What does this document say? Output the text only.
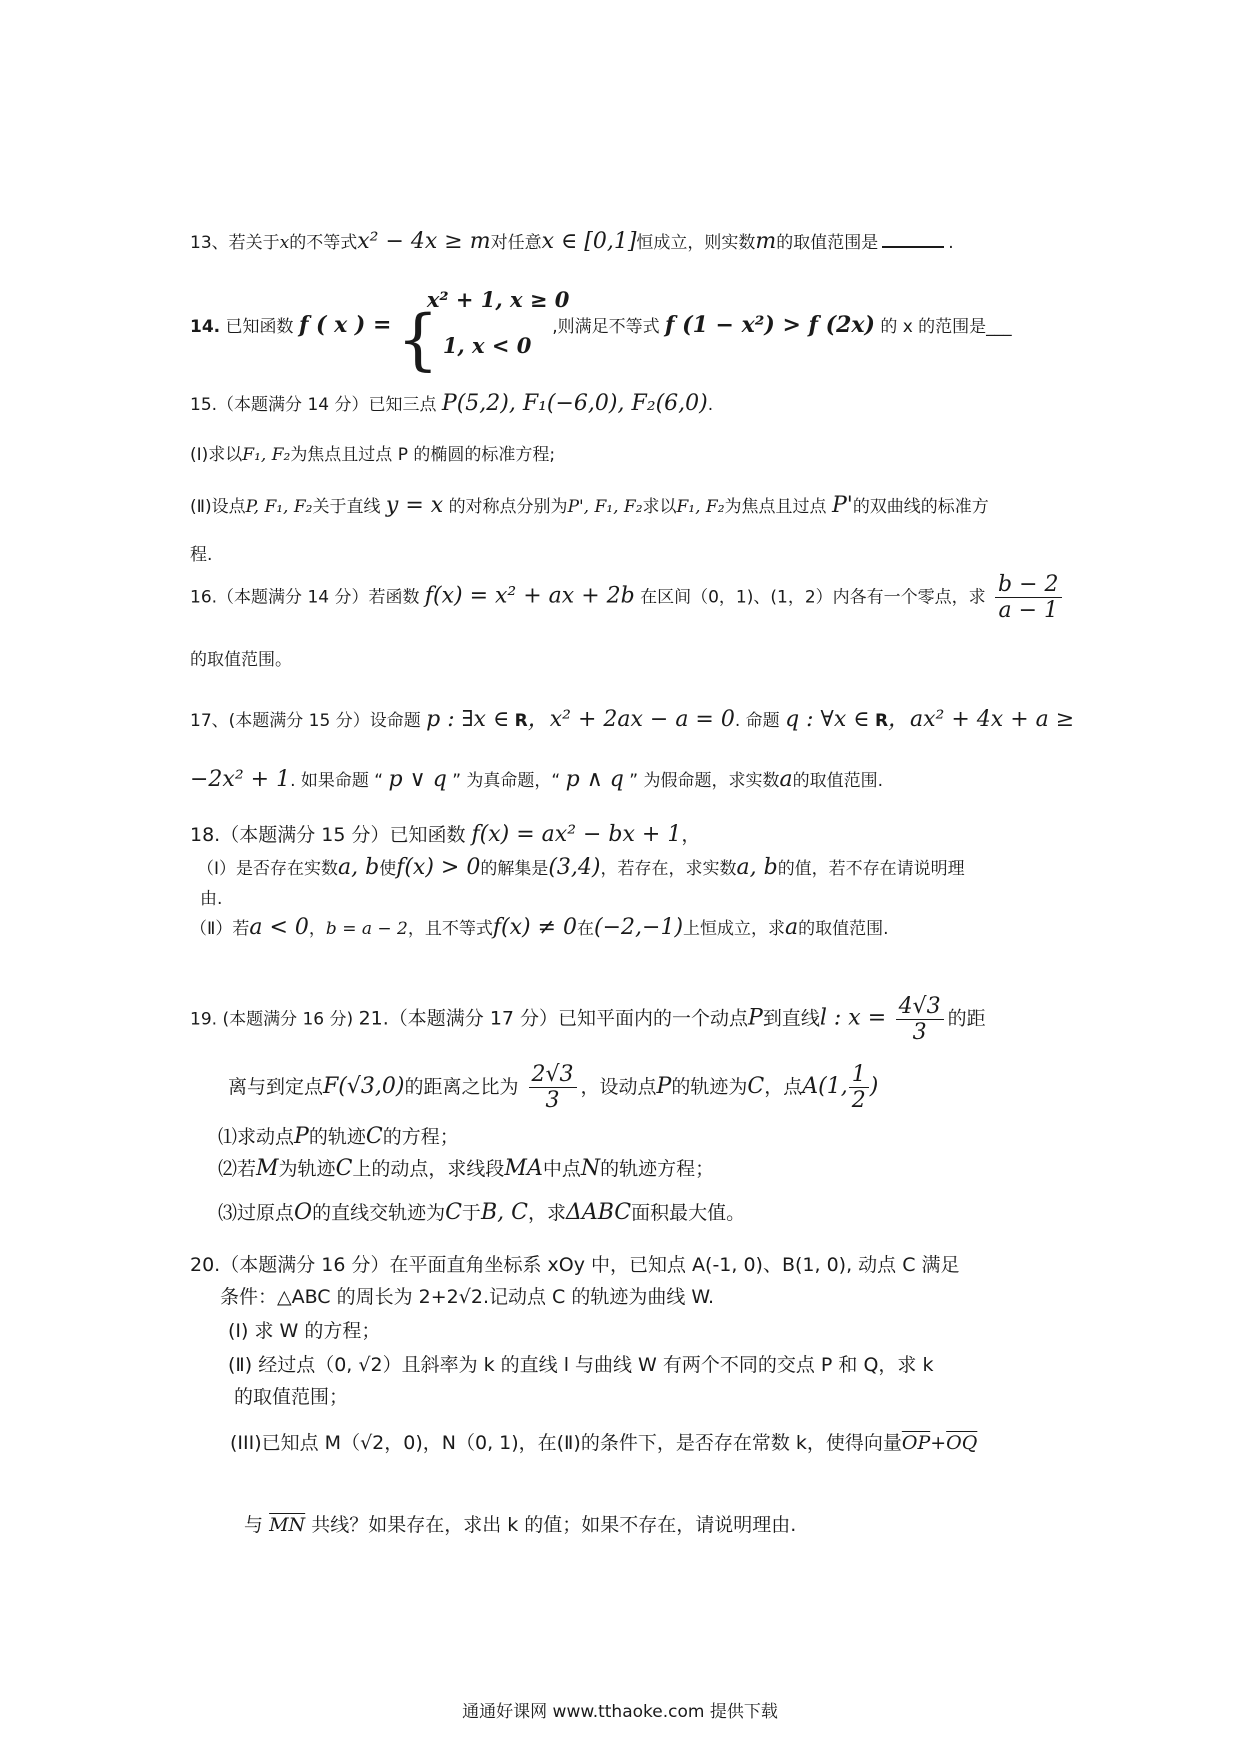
13、若关于x的不等式x² − 4x ≥ m对任意x ∈ [0,1]恒成立，则实数m的取值范围是	.
14. 已知函数 f ( x ) = {
x² + 1, x ≥ 0
1, x < 0
,则满足不等式 f (1 − x²) > f (2x) 的 x 的范围是___
15.（本题满分 14 分）已知三点 P(5,2), F₁(−6,0), F₂(6,0).
(Ⅰ)求以F₁, F₂为焦点且过点 P 的椭圆的标准方程;
(Ⅱ)设点P, F₁, F₂关于直线 y = x 的对称点分别为P', F₁, F₂求以F₁, F₂为焦点且过点 P'的双曲线的标准方
程.
16.（本题满分 14 分）若函数 f(x) = x² + ax + 2b 在区间（0，1)、(1，2）内各有一个零点，求 $\frac{b - 2}{a - 1}$
的取值范围。
17、(本题满分 15 分）设命题 p : ∃x ∈ R，x² + 2ax − a = 0. 命题 q : ∀x ∈ R，ax² + 4x + a ≥
−2x² + 1. 如果命题 “ p ∨ q ” 为真命题，“ p ∧ q ” 为假命题，求实数a的取值范围.
18.（本题满分 15 分）已知函数 f(x) = ax² − bx + 1，
（Ⅰ）是否存在实数a, b使f(x) > 0的解集是(3,4)，若存在，求实数a, b的值，若不存在请说明理
由.
（Ⅱ）若a < 0，b = a − 2，且不等式f(x) ≠ 0在(−2,−1)上恒成立，求a的取值范围.
19. (本题满分 16 分) 21.（本题满分 17 分）已知平面内的一个动点P到直线l : $x = \frac{4√3}{3}$ 的距
离与到定点F(√3,0)的距离之比为 $\frac{2√3}{3}$ ，设动点P的轨迹为C，点A(1, $\frac{1}{2}$ )
⑴求动点P的轨迹C的方程；
⑵若M为轨迹C上的动点，求线段MA中点N的轨迹方程；
⑶过原点O的直线交轨迹为C于B, C，求ΔABC面积最大值。
20.（本题满分 16 分）在平面直角坐标系 xOy 中，已知点 A(-1, 0)、B(1, 0), 动点 C 满足
条件：△ABC 的周长为 2+2√2.记动点 C 的轨迹为曲线 W.
(Ⅰ) 求 W 的方程；
(Ⅱ) 经过点（0, √2）且斜率为 k 的直线 l 与曲线 W 有两个不同的交点 P 和 Q，求 k
的取值范围；
(III)已知点 M（√2，0)，N（0, 1)，在(Ⅱ)的条件下，是否存在常数 k，使得向量$\overline{OP}+\overline{OQ}$
与 $\overline{MN}$ 共线？如果存在，求出 k 的值；如果不存在，请说明理由.
通通好课网 www.tthaoke.com 提供下载
